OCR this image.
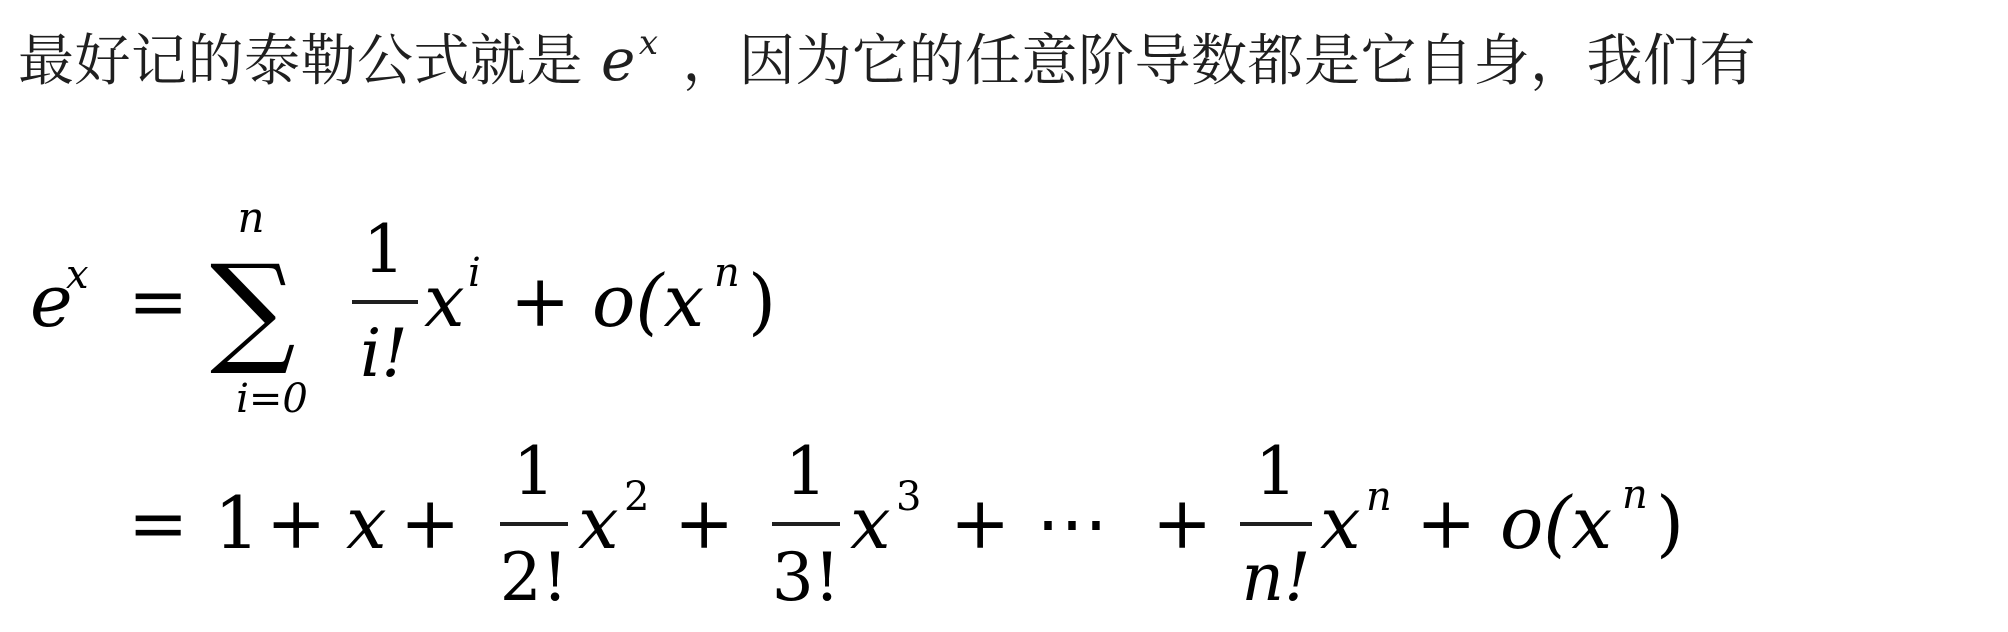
最好记的泰勒公式就是 $e^x$ ，因为它的任意阶导数都是它自身，我们有
e
x = ∑
n
i=0
1
i!
x i + o(x n )
= 1 + x +
1
2!
x 2 +
1
3!
x 3 + ⋯ +
1
n!
x n + o(x n )
